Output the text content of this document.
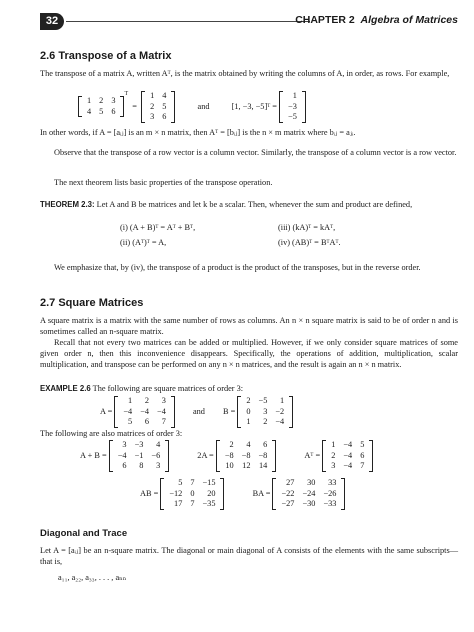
32	CHAPTER 2 Algebra of Matrices
2.6 Transpose of a Matrix
The transpose of a matrix A, written Aᵀ, is the matrix obtained by writing the columns of A, in order, as rows. For example,
1	2	3
4	5	6
$^T$  =
1	4
2	5
3	6
and	[1, −3, −5]ᵀ =
1
−3
−5
In other words, if A = [aᵢⱼ] is an m × n matrix, then Aᵀ = [bᵢⱼ] is the n × m matrix where bᵢⱼ = aⱼᵢ.
Observe that the transpose of a row vector is a column vector. Similarly, the transpose of a column vector is a row vector.
The next theorem lists basic properties of the transpose operation.
THEOREM 2.3: Let A and B be matrices and let k be a scalar. Then, whenever the sum and product are defined,
(i) (A + B)ᵀ = Aᵀ + Bᵀ,	(iii) (kA)ᵀ = kAᵀ,
(ii) (Aᵀ)ᵀ = A,	(iv) (AB)ᵀ = BᵀAᵀ.
We emphasize that, by (iv), the transpose of a product is the product of the transposes, but in the reverse order.
2.7 Square Matrices
A square matrix is a matrix with the same number of rows as columns. An n × n square matrix is said to be of order n and is sometimes called an n-square matrix.
Recall that not every two matrices can be added or multiplied. However, if we only consider square matrices of some given order n, then this inconvenience disappears. Specifically, the operations of addition, multiplication, scalar multiplication, and transpose can be performed on any n × n matrices, and the result is again an n × n matrix.
EXAMPLE 2.6 The following are square matrices of order 3:
A =
1	2	3
−4	−4	−4
5	6	7
and B =
2	−5	1
0	3	−2
1	2	−4
The following are also matrices of order 3:
A + B =
3	−3	4
−4	−1	−6
6	8	3
2A =
2	4	6
−8	−8	−8
10	12	14
Aᵀ =
1	−4	5
2	−4	6
3	−4	7
AB =
5	7	−15
−12	0	20
17	7	−35
BA =
27	30	33
−22	−24	−26
−27	−30	−33
Diagonal and Trace
Let A = [aᵢⱼ] be an n-square matrix. The diagonal or main diagonal of A consists of the elements with the same subscripts—that is,
a₁₁, a₂₂, a₃₃, . . . , aₙₙ
